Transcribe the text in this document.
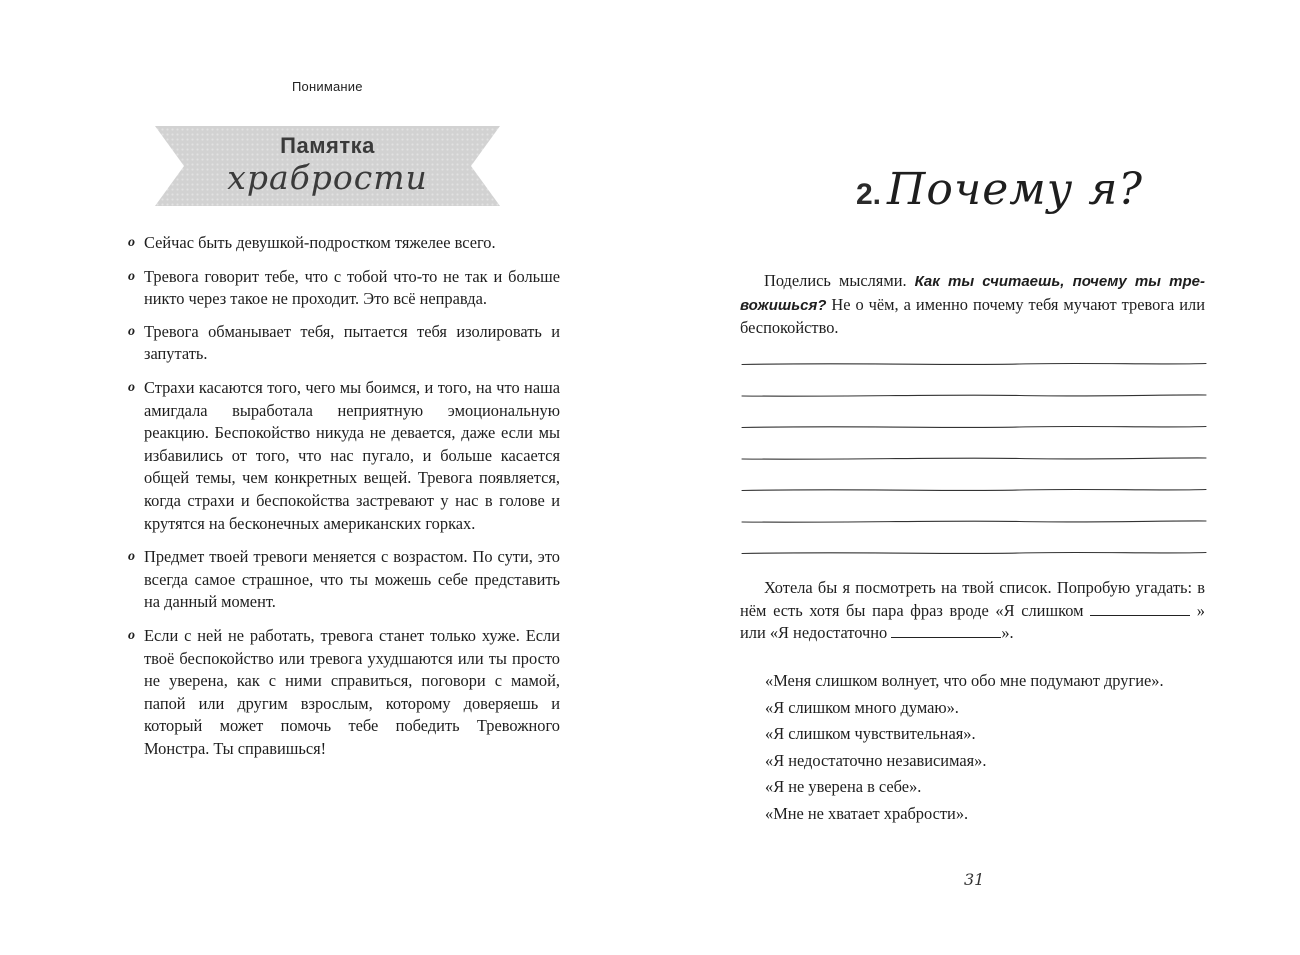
Понимание
Памятка
храбрости
o Сейчас быть девушкой-подростком тяжелее всего.
o Тревога говорит тебе, что с тобой что-то не так и больше никто через такое не проходит. Это всё неправда.
o Тревога обманывает тебя, пытается тебя изолировать и запутать.
o Страхи касаются того, чего мы боимся, и того, на что наша амигдала выработала неприятную эмоциональную реакцию. Беспокойство никуда не девается, даже если мы избавились от того, что нас пугало, и больше касается общей темы, чем конкретных вещей. Тревога появляется, когда страхи и беспокойства застревают у нас в голове и крутятся на бесконечных американских горках.
o Предмет твоей тревоги меняется с возрастом. По сути, это всегда самое страшное, что ты можешь себе представить на данный момент.
o Если с ней не работать, тревога станет только хуже. Если твоё беспокойство или тревога ухудшаются или ты просто не уверена, как с ними справиться, поговори с мамой, папой или другим взрослым, которому доверяешь и который может помочь тебе победить Тревожного Монстра. Ты справишься!
2. Почему я?

Поделись мыслями. Как ты считаешь, почему ты тревожишься? Не о чём, а именно почему тебя мучают тревога или беспокойство.

Хотела бы я посмотреть на твой список. Попробую угадать: в нём есть хотя бы пара фраз вроде «Я слишком	» или «Я недостаточно	».

«Меня слишком волнует, что обо мне подумают другие».
«Я слишком много думаю».
«Я слишком чувствительная».
«Я недостаточно независимая».
«Я не уверена в себе».
«Мне не хватает храбрости».
31
